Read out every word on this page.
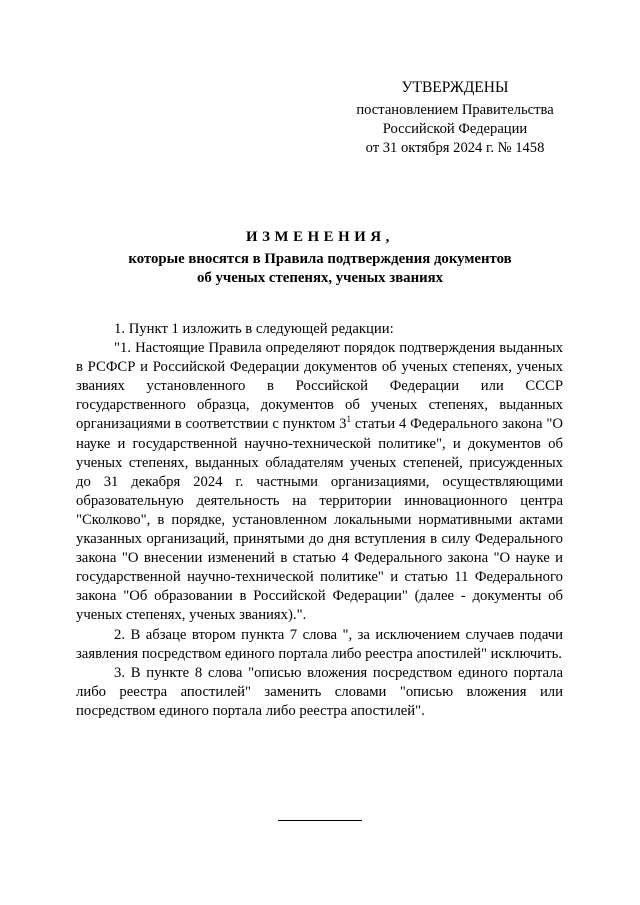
УТВЕРЖДЕНЫ
постановлением Правительства
Российской Федерации
от 31 октября 2024 г. № 1458
ИЗМЕНЕНИЯ,
которые вносятся в Правила подтверждения документов
об ученых степенях, ученых званиях

1. Пункт 1 изложить в следующей редакции:

"1. Настоящие Правила определяют порядок подтверждения выданных в РСФСР и Российской Федерации документов об ученых степенях, ученых званиях установленного в Российской Федерации или СССР государственного образца, документов об ученых степенях, выданных организациями в соответствии с пунктом $3^1$ статьи 4 Федерального закона "О науке и государственной научно-технической политике", и документов об ученых степенях, выданных обладателям ученых степеней, присужденных до 31 декабря 2024 г. частными организациями, осуществляющими образовательную деятельность на территории инновационного центра "Сколково", в порядке, установленном локальными нормативными актами указанных организаций, принятыми до дня вступления в силу Федерального закона "О внесении изменений в статью 4 Федерального закона "О науке и государственной научно-технической политике" и статью 11 Федерального закона "Об образовании в Российской Федерации" (далее - документы об ученых степенях, ученых званиях).".

2. В абзаце втором пункта 7 слова ", за исключением случаев подачи заявления посредством единого портала либо реестра апостилей" исключить.

3. В пункте 8 слова "описью вложения посредством единого портала либо реестра апостилей" заменить словами "описью вложения или посредством единого портала либо реестра апостилей".
